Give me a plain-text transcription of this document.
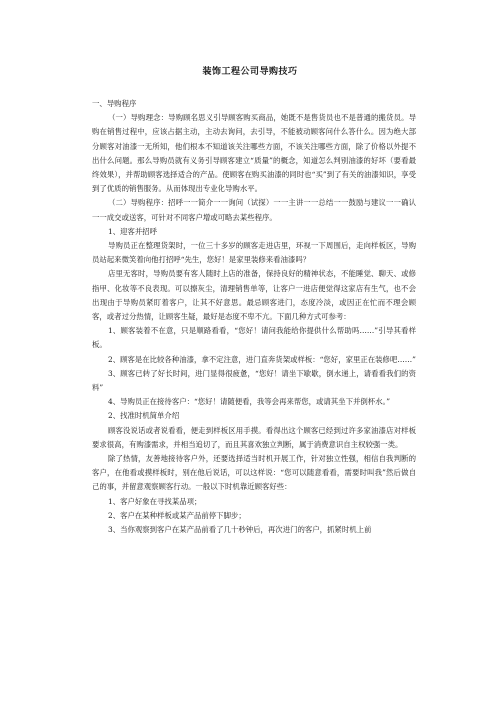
装饰工程公司导购技巧

一、导购程序

（一）导购理念：导购顾名思义引导顾客购买商品，她既不是售货员也不是普通的搬货员。导购在销售过程中，应该占据主动，主动去询问，去引导，不能被动顾客问什么答什么。因为绝大部分顾客对油漆一无所知，他们根本不知道该关注哪些方面，不该关注哪些方面，除了价格以外提不出什么问题。那么导购员就有义务引导顾客建立“质量”的概念，知道怎么判别油漆的好坏（要看最终效果），并帮助顾客选择适合的产品。使顾客在购买油漆的同时也“买”到了有关的油漆知识，享受到了优质的销售服务。从而体现出专业化导购水平。

（二）导购程序：招呼一一简介一一询问（试探）一一主讲一一总结一一鼓励与建议一一确认一一成交或送客，可针对不同客户增或可略去某些程序。

1、迎客并招呼

导购员正在整理货架时，一位三十多岁的顾客走进店里，环视一下周围后，走向样板区，导购员站起来微笑着向他打招呼“先生，您好！是家里装修来看油漆吗？

店里无客时，导购员要有客人随时上店的准备，保持良好的精神状态，不能睡觉、聊天、或修指甲、化妆等不良表现。可以擦灰尘，清理销售单等，让客户一进店便觉得这家店有生气，也不会出现由于导购员紧盯着客户，让其不好意思。最忌顾客进门，态度冷淡，或因正在忙而不理会顾客，或者过分热情，让顾客生疑，最好是态度不卑不亢。下面几种方式可参考：

1、顾客装着不在意，只是顺路看看，“您好！请问我能给你提供什么帮助吗……”引导其看样板。

2、顾客是在比较各种油漆，拿不定注意，进门直奔货架或样板：“您好，家里正在装修吧……”

3、顾客已转了好长时间，进门显得很疲惫，“您好！请坐下歇歇，倒水递上，请看看我们的资料”

4、导购员正在接待客户：“您好！请随便看，我等会再来帮您，或请其坐下并倒杯水。”

2、找准时机简单介绍

顾客没说话或者说看看，便走到样板区用手摸。看得出这个顾客已经到过许多家油漆店对样板要求很高，有购漆需求，并相当追切了，而且其喜欢独立判断，属于消费意识自主权较强一类。

除了热情，友善地接待客户外，还要选择适当时机开展工作，针对独立性强，相信自我判断的客户，在他看或摸样板时，别在他后说话，可以这样说：“您可以随意看看，需要时叫我”然后做自己的事，并留意观察顾客行动。一般以下时机靠近顾客好些：

1、客户好象在寻找某品项；

2、客户在某种样板或某产品前停下脚步；

3、当你观察到客户在某产品前看了几十秒钟后，再次进门的客户，抓紧时机上前
